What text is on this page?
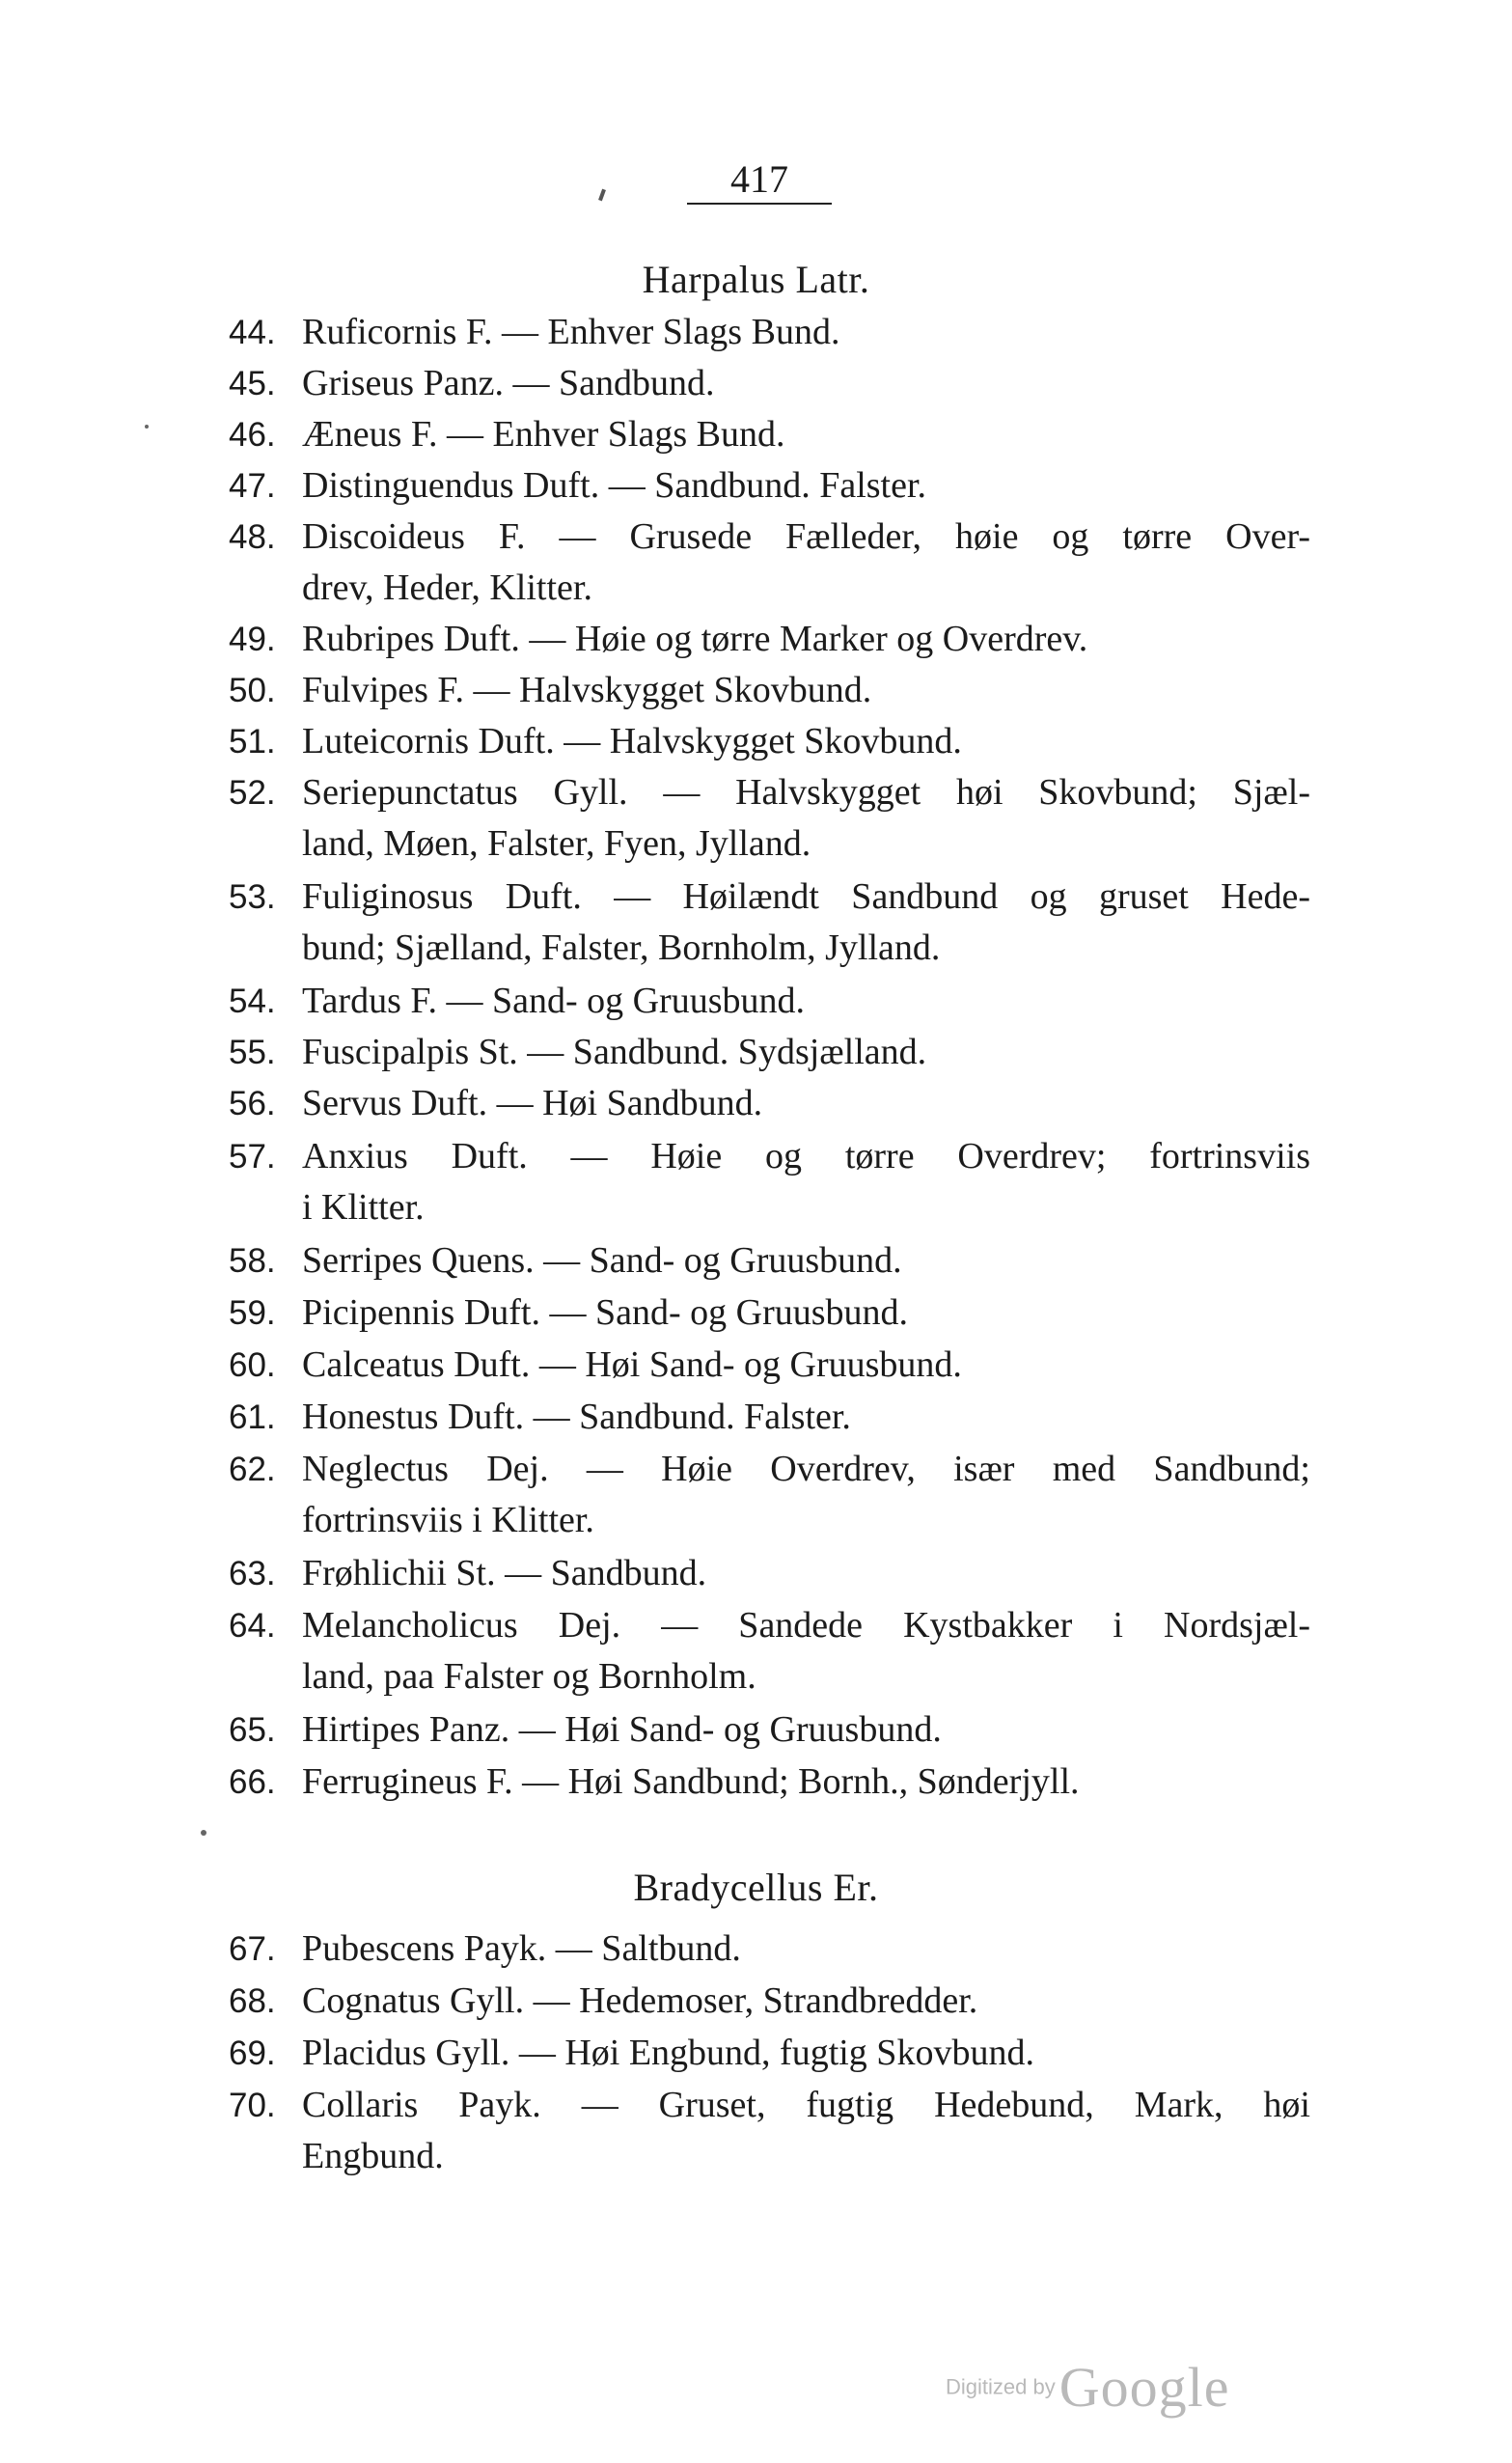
417
Harpalus Latr.
44. Ruficornis F. — Enhver Slags Bund.
45. Griseus Panz. — Sandbund.
46. Æneus F. — Enhver Slags Bund.
47. Distinguendus Duft. — Sandbund. Falster.
48. Discoideus F. — Grusede Fælleder, høie og tørre Over-
drev, Heder, Klitter.
49. Rubripes Duft. — Høie og tørre Marker og Overdrev.
50. Fulvipes F. — Halvskygget Skovbund.
51. Luteicornis Duft. — Halvskygget Skovbund.
52. Seriepunctatus Gyll. — Halvskygget høi Skovbund; Sjæl-
land, Møen, Falster, Fyen, Jylland.
53. Fuliginosus Duft. — Høilændt Sandbund og gruset Hede-
bund; Sjælland, Falster, Bornholm, Jylland.
54. Tardus F. — Sand- og Gruusbund.
55. Fuscipalpis St. — Sandbund. Sydsjælland.
56. Servus Duft. — Høi Sandbund.
57. Anxius Duft. — Høie og tørre Overdrev; fortrinsviis
i Klitter.
58. Serripes Quens. — Sand- og Gruusbund.
59. Picipennis Duft. — Sand- og Gruusbund.
60. Calceatus Duft. — Høi Sand- og Gruusbund.
61. Honestus Duft. — Sandbund. Falster.
62. Neglectus Dej. — Høie Overdrev, især med Sandbund;
fortrinsviis i Klitter.
63. Frøhlichii St. — Sandbund.
64. Melancholicus Dej. — Sandede Kystbakker i Nordsjæl-
land, paa Falster og Bornholm.
65. Hirtipes Panz. — Høi Sand- og Gruusbund.
66. Ferrugineus F. — Høi Sandbund; Bornh., Sønderjyll.
Bradycellus Er.
67. Pubescens Payk. — Saltbund.
68. Cognatus Gyll. — Hedemoser, Strandbredder.
69. Placidus Gyll. — Høi Engbund, fugtig Skovbund.
70. Collaris Payk. — Gruset, fugtig Hedebund, Mark, høi
Engbund.
Digitized by Google
